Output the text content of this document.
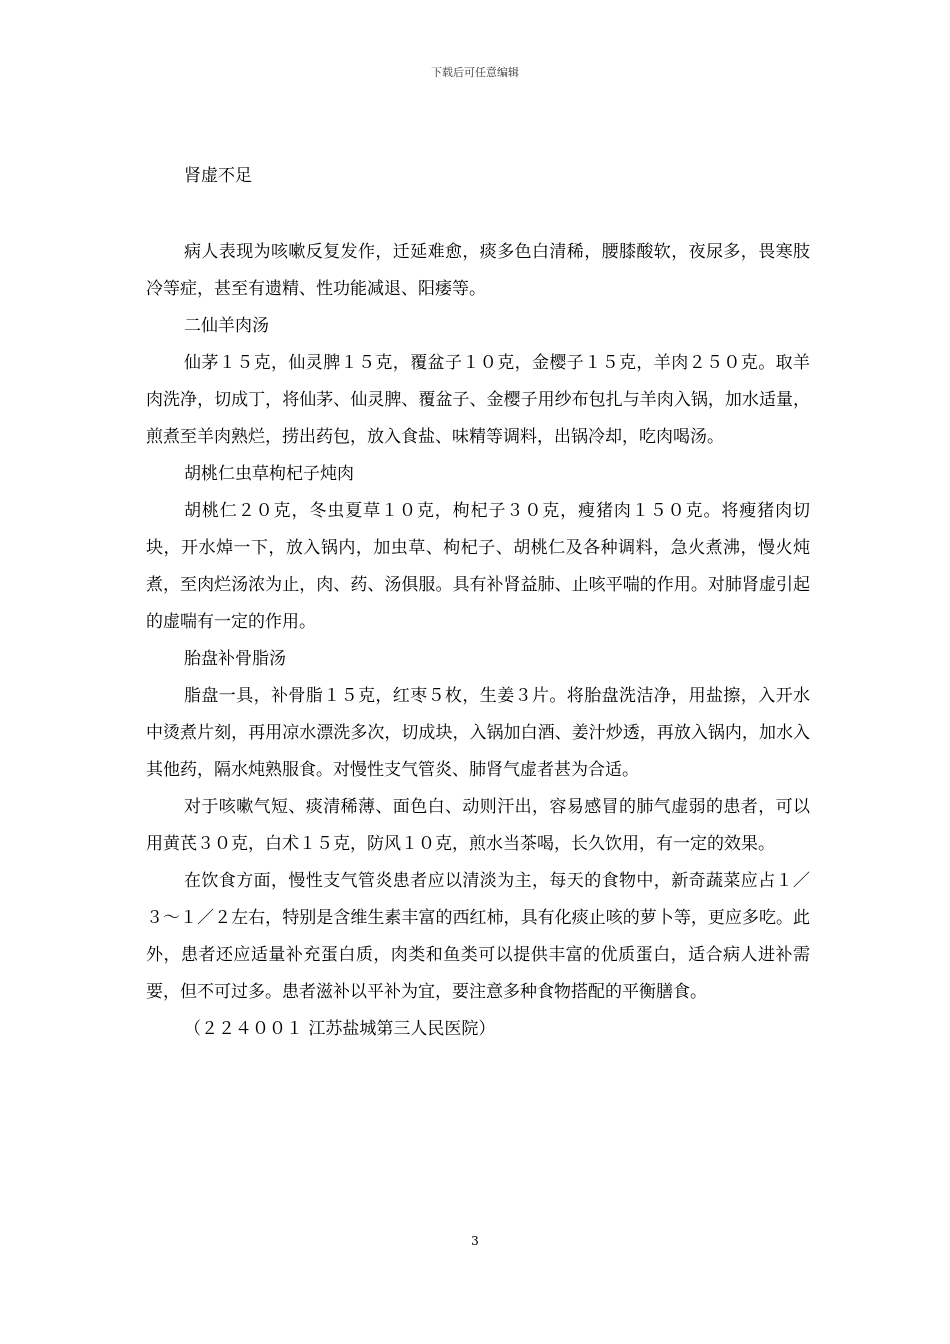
下载后可任意编辑

肾虚不足

病人表现为咳嗽反复发作，迁延难愈，痰多色白清稀，腰膝酸软，夜尿多，畏寒肢冷等症，甚至有遗精、性功能减退、阳痿等。

二仙羊肉汤

仙茅１５克，仙灵脾１５克，覆盆子１０克，金樱子１５克，羊肉２５０克。取羊肉洗净，切成丁，将仙茅、仙灵脾、覆盆子、金樱子用纱布包扎与羊肉入锅，加水适量，煎煮至羊肉熟烂，捞出药包，放入食盐、味精等调料，出锅冷却，吃肉喝汤。

胡桃仁虫草枸杞子炖肉

胡桃仁２０克，冬虫夏草１０克，枸杞子３０克，瘦猪肉１５０克。将瘦猪肉切块，开水焯一下，放入锅内，加虫草、枸杞子、胡桃仁及各种调料，急火煮沸，慢火炖煮，至肉烂汤浓为止，肉、药、汤俱服。具有补肾益肺、止咳平喘的作用。对肺肾虚引起的虚喘有一定的作用。

胎盘补骨脂汤

脂盘一具，补骨脂１５克，红枣５枚，生姜３片。将胎盘洗洁净，用盐擦，入开水中烫煮片刻，再用凉水漂洗多次，切成块，入锅加白酒、姜汁炒透，再放入锅内，加水入其他药，隔水炖熟服食。对慢性支气管炎、肺肾气虚者甚为合适。

对于咳嗽气短、痰清稀薄、面色白、动则汗出，容易感冒的肺气虚弱的患者，可以用黄芪３０克，白术１５克，防风１０克，煎水当茶喝，长久饮用，有一定的效果。

在饮食方面，慢性支气管炎患者应以清淡为主，每天的食物中，新奇蔬菜应占１／３～１／２左右，特别是含维生素丰富的西红柿，具有化痰止咳的萝卜等，更应多吃。此外，患者还应适量补充蛋白质，肉类和鱼类可以提供丰富的优质蛋白，适合病人进补需要，但不可过多。患者滋补以平补为宜，要注意多种食物搭配的平衡膳食。

（２２４００１ 江苏盐城第三人民医院）

3
